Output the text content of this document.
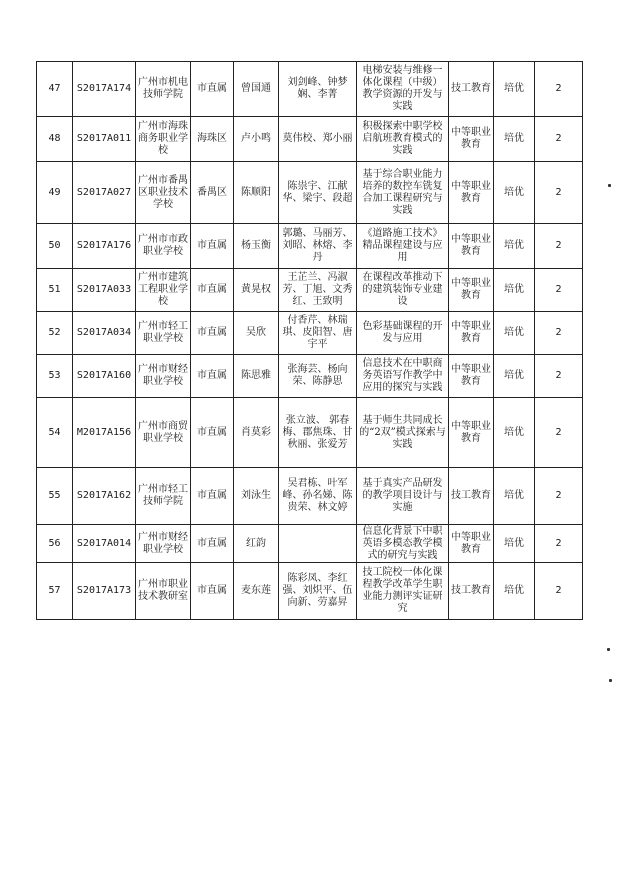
47	S2017A174	广州市机电技师学院	市直属	曾国通	刘剑峰、钟梦娴、李菁	电梯安装与维修一体化课程（中级）教学资源的开发与实践	技工教育	培优	2
48	S2017A011	广州市海珠商务职业学校	海珠区	卢小鸣	莫伟校、郑小丽	积极探索中职学校启航班教育模式的实践	中等职业教育	培优	2
49	S2017A027	广州市番禺区职业技术学校	番禺区	陈顺阳	陈祟宇、江献华、梁宇、段超	基于综合职业能力培养的数控车铣复合加工课程研究与实践	中等职业教育	培优	2
50	S2017A176	广州市市政职业学校	市直属	杨玉衡	郭璐、马丽芳、刘昭、林熔、李丹	《道路施工技术》精品课程建设与应用	中等职业教育	培优	2
51	S2017A033	广州市建筑工程职业学校	市直属	黄晃权	王芷兰、冯淑芳、丁旭、文秀红、王致明	在课程改革推动下的建筑装饰专业建设	中等职业教育	培优	2
52	S2017A034	广州市轻工职业学校	市直属	吴欣	付香芹、林瑞琪、皮阳智、唐宇平	色彩基础课程的开发与应用	中等职业教育	培优	2
53	S2017A160	广州市财经职业学校	市直属	陈思雅	张海芸、杨向荣、陈静思	信息技术在中职商务英语写作教学中应用的探究与实践	中等职业教育	培优	2
54	M2017A156	广州市商贸职业学校	市直属	肖莫彩	张立波、 郭春梅、郡焦珠、甘秋丽、张爱芳	基于师生共同成长的“2双”模式探索与实践	中等职业教育	培优	2
55	S2017A162	广州市轻工技师学院	市直属	刘泳生	吴君栋、叶军峰、孙名娣、陈贵荣、林文婷	基于真实产品研发的教学项目设计与实施	技工教育	培优	2
56	S2017A014	广州市财经职业学校	市直属	红韵		信息化背景下中职英语多模态教学模式的研究与实践	中等职业教育	培优	2
57	S2017A173	广州市职业技术教研室	市直属	麦东莲	陈彩凤、李红强、刘炽平、伍向新、劳嘉昇	技工院校一体化课程教学改革学生职业能力测评实证研究	技工教育	培优	2
